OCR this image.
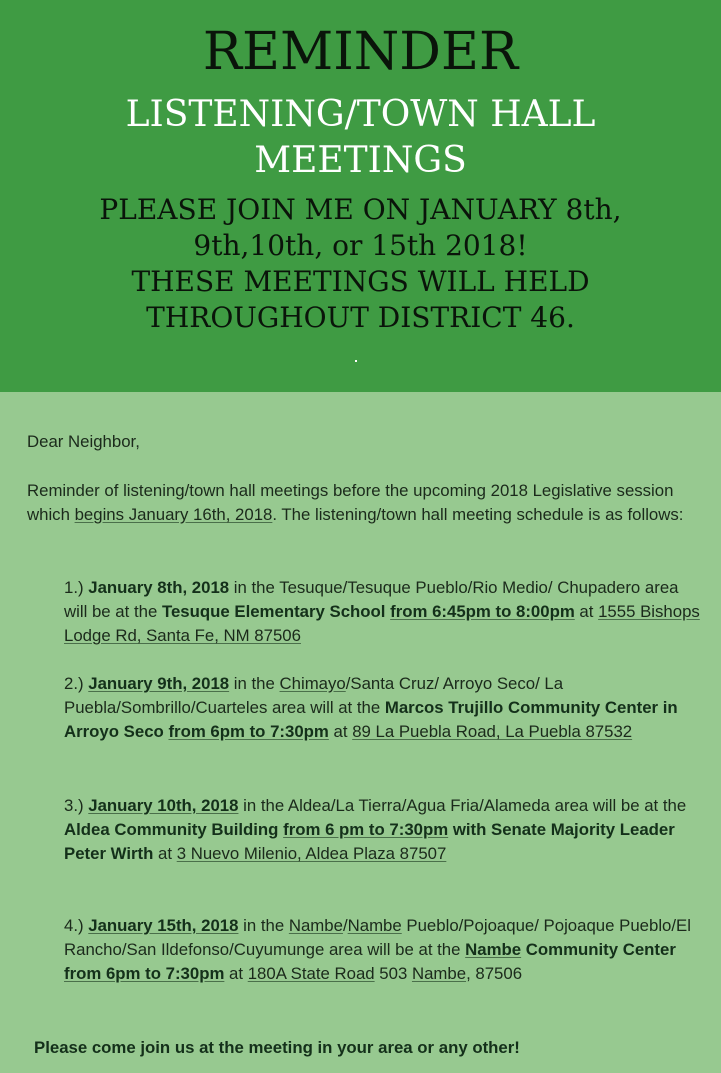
REMINDER
LISTENING/TOWN HALL
MEETINGS
PLEASE JOIN ME ON JANUARY 8th,
9th,10th, or 15th 2018!
THESE MEETINGS WILL HELD
THROUGHOUT DISTRICT 46.
Dear Neighbor,
Reminder of listening/town hall meetings before the upcoming 2018 Legislative session which begins January 16th, 2018. The listening/town hall meeting schedule is as follows:
1.) January 8th, 2018 in the Tesuque/Tesuque Pueblo/Rio Medio/ Chupadero area will be at the Tesuque Elementary School from 6:45pm to 8:00pm at 1555 Bishops Lodge Rd, Santa Fe, NM 87506
2.) January 9th, 2018 in the Chimayo/Santa Cruz/ Arroyo Seco/ La Puebla/Sombrillo/Cuarteles area will at the Marcos Trujillo Community Center in Arroyo Seco from 6pm to 7:30pm at 89 La Puebla Road, La Puebla 87532
3.) January 10th, 2018 in the Aldea/La Tierra/Agua Fria/Alameda area will be at the Aldea Community Building from 6 pm to 7:30pm with Senate Majority Leader Peter Wirth at 3 Nuevo Milenio, Aldea Plaza 87507
4.) January 15th, 2018 in the Nambe/Nambe Pueblo/Pojoaque/ Pojoaque Pueblo/El Rancho/San Ildefonso/Cuyumunge area will be at the Nambe Community Center from 6pm to 7:30pm at 180A State Road 503 Nambe, 87506
Please come join us at the meeting in your area or any other!
